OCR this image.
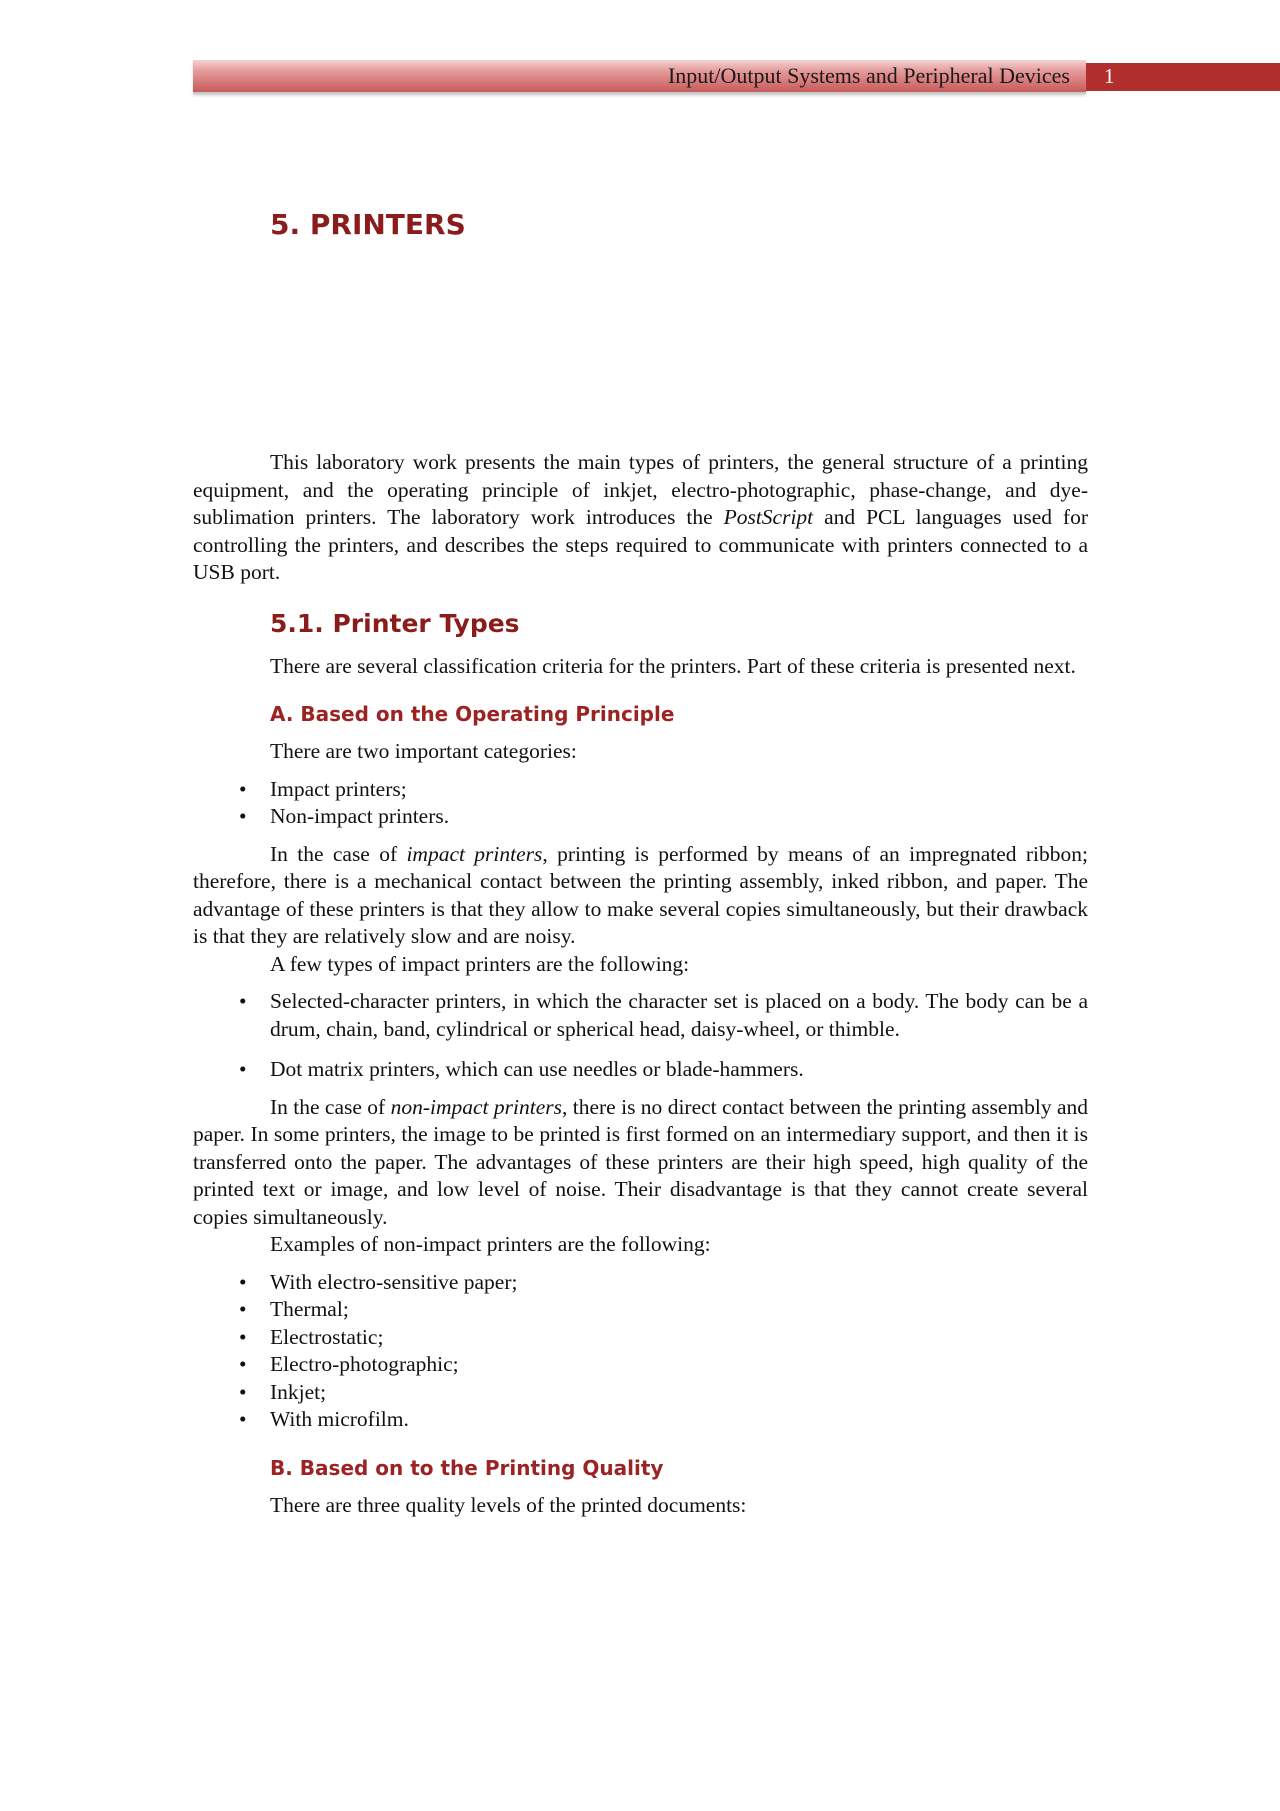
Input/Output Systems and Peripheral Devices 1
5. PRINTERS

This laboratory work presents the main types of printers, the general structure of a printing equipment, and the operating principle of inkjet, electro-photographic, phase-change, and dye-sublimation printers. The laboratory work introduces the PostScript and PCL languages used for controlling the printers, and describes the steps required to communicate with printers connected to a USB port.

5.1. Printer Types

There are several classification criteria for the printers. Part of these criteria is presented next.

A. Based on the Operating Principle

There are two important categories:

• Impact printers;
• Non-impact printers.

In the case of impact printers, printing is performed by means of an impregnated ribbon; therefore, there is a mechanical contact between the printing assembly, inked ribbon, and paper. The advantage of these printers is that they allow to make several copies simultaneously, but their drawback is that they are relatively slow and are noisy.

A few types of impact printers are the following:

• Selected-character printers, in which the character set is placed on a body. The body can be a drum, chain, band, cylindrical or spherical head, daisy-wheel, or thimble.
• Dot matrix printers, which can use needles or blade-hammers.

In the case of non-impact printers, there is no direct contact between the printing assembly and paper. In some printers, the image to be printed is first formed on an intermediary support, and then it is transferred onto the paper. The advantages of these printers are their high speed, high quality of the printed text or image, and low level of noise. Their disadvantage is that they cannot create several copies simultaneously.

Examples of non-impact printers are the following:

• With electro-sensitive paper;
• Thermal;
• Electrostatic;
• Electro-photographic;
• Inkjet;
• With microfilm.
B. Based on to the Printing Quality

There are three quality levels of the printed documents:
